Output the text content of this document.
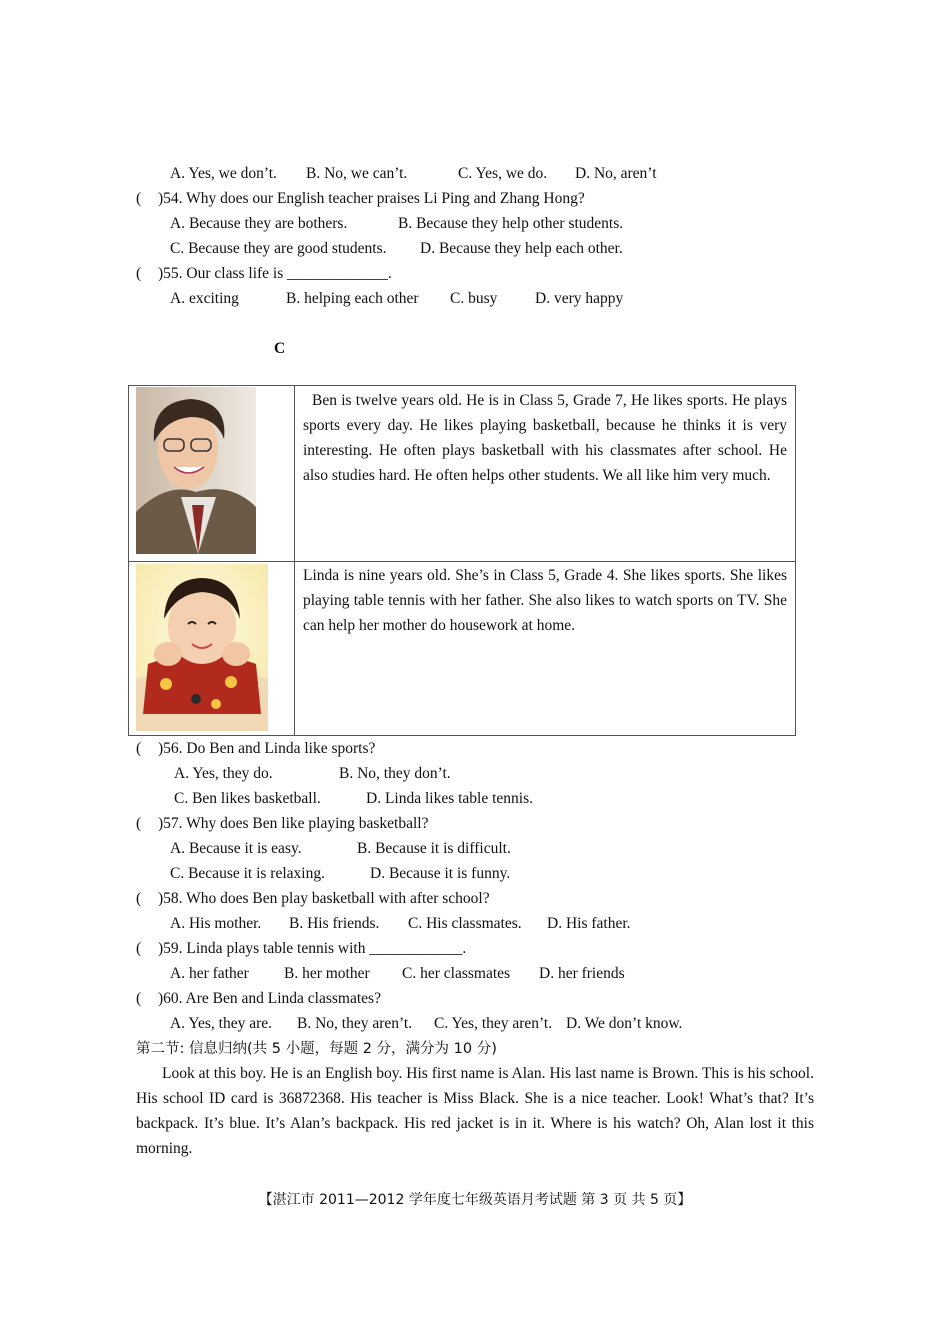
A. Yes, we don’t. B. No, we can’t.	C. Yes, we do. D. No, aren’t
( )54. Why does our English teacher praises Li Ping and Zhang Hong?
A. Because they are bothers.	B. Because they help other students.
C. Because they are good students. D. Because they help each other.
( )55. Our class life is _____________.
A. exciting	B. helping each other C. busy D. very happy
C
Ben is twelve years old. He is in Class 5, Grade 7, He likes sports. He plays sports every day. He likes playing basketball, because he thinks it is very interesting. He often plays basketball with his classmates after school. He also studies hard. He often helps other students. We all like him very much.
Linda is nine years old. She’s in Class 5, Grade 4. She likes sports. She likes playing table tennis with her father. She also likes to watch sports on TV. She can help her mother do housework at home.
( )56. Do Ben and Linda like sports?
A. Yes, they do.	B. No, they don’t.
C. Ben likes basketball.	D. Linda likes table tennis.
( )57. Why does Ben like playing basketball?
A. Because it is easy.	B. Because it is difficult.
C. Because it is relaxing.	D. Because it is funny.
( )58. Who does Ben play basketball with after school?
A. His mother. B. His friends. C. His classmates. D. His father.
( )59. Linda plays table tennis with ____________.
A. her father B. her mother C. her classmates D. her friends
( )60. Are Ben and Linda classmates?
A. Yes, they are. B. No, they aren’t. C. Yes, they aren’t. D. We don’t know.
第二节: 信息归纳(共 5 小题，每题 2 分，满分为 10 分)
Look at this boy. He is an English boy. His first name is Alan. His last name is Brown. This is his school. His school ID card is 36872368. His teacher is Miss Black. She is a nice teacher. Look! What’s that? It’s backpack. It’s blue. It’s Alan’s backpack. His red jacket is in it. Where is his watch? Oh, Alan lost it this morning.
【湛江市 2011—2012 学年度七年级英语月考试题 第 3 页 共 5 页】
